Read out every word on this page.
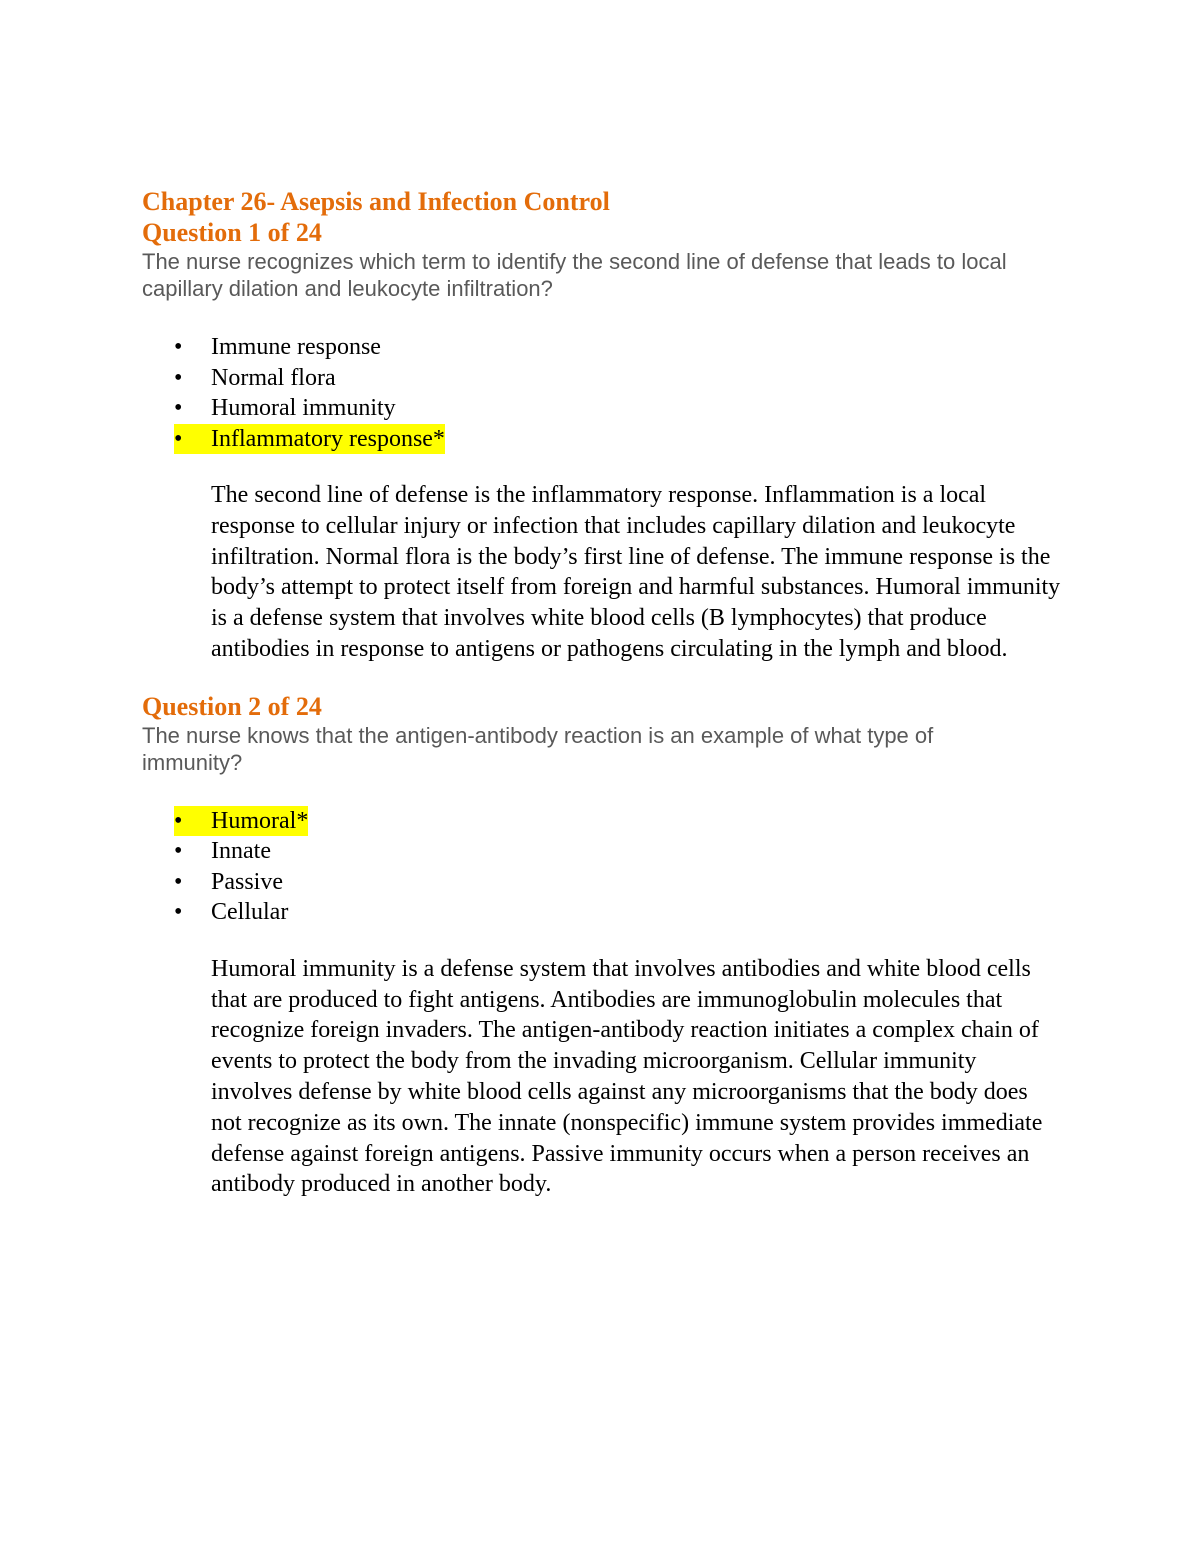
Chapter 26- Asepsis and Infection Control
Question 1 of 24

The nurse recognizes which term to identify the second line of defense that leads to local capillary dilation and leukocyte infiltration?

•	Immune response
•	Normal flora
•	Humoral immunity
•	Inflammatory response*

The second line of defense is the inflammatory response. Inflammation is a local response to cellular injury or infection that includes capillary dilation and leukocyte infiltration. Normal flora is the body’s first line of defense. The immune response is the body’s attempt to protect itself from foreign and harmful substances. Humoral immunity is a defense system that involves white blood cells (B lymphocytes) that produce antibodies in response to antigens or pathogens circulating in the lymph and blood.

Question 2 of 24

The nurse knows that the antigen-antibody reaction is an example of what type of immunity?

•	Humoral*
•	Innate
•	Passive
•	Cellular

Humoral immunity is a defense system that involves antibodies and white blood cells that are produced to fight antigens. Antibodies are immunoglobulin molecules that recognize foreign invaders. The antigen-antibody reaction initiates a complex chain of events to protect the body from the invading microorganism. Cellular immunity involves defense by white blood cells against any microorganisms that the body does not recognize as its own. The innate (nonspecific) immune system provides immediate defense against foreign antigens. Passive immunity occurs when a person receives an antibody produced in another body.
